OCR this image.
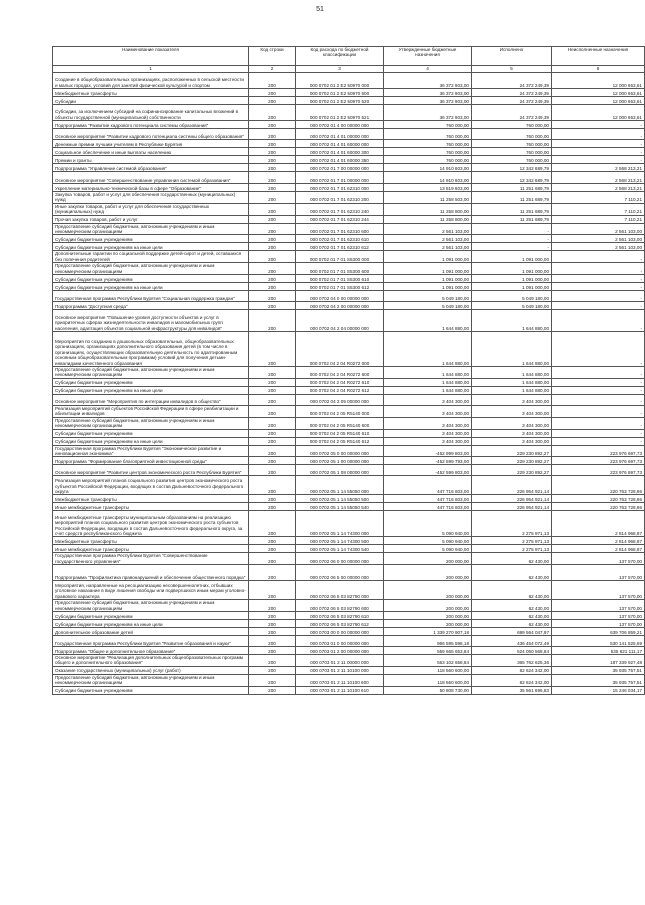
51
Наименование показателя	Код строки	Код расхода по бюджетной классификации	Утвержденные бюджетные назначения	Исполнено	Неисполненные назначения
1	2	3	4	5	6
Создание в общеобразовательных организациях, расположенных в сельской местности и малых городах, условий для занятий физической культурой и спортом	200	000 0702 01 2 Е2 50970 000	36 372 903,00	24 372 249,39	12 000 653,61
Межбюджетные трансферты	200	000 0702 01 2 Е2 50970 500	36 372 903,00	24 372 249,39	12 000 653,61
Субсидии	200	000 0702 01 2 Е2 50970 520	36 372 903,00	24 372 249,39	12 000 653,61
Субсидии, за исключением субсидий на софинансирование капитальных вложений в объекты государственной (муниципальной) собственности	200	000 0702 01 2 Е2 50970 521	36 372 903,00	24 372 249,39	12 000 653,61
Подпрограмма "Развитие кадрового потенциала системы образования"	200	000 0702 01 4 00 00000 000	760 000,00	760 000,00	-
Основное мероприятие "Развитие кадрового потенциала системы общего образования"	200	000 0702 01 4 01 00000 000	760 000,00	760 000,00	-
Денежные премии лучшим учителям в Республике Бурятия	200	000 0702 01 4 01 60000 000	760 000,00	760 000,00	-
Социальное обеспечение и иные выплаты населению	200	000 0702 01 4 01 60000 300	760 000,00	760 000,00	-
Премии и гранты	200	000 0702 01 4 01 60000 350	760 000,00	760 000,00	-
Подпрограмма "Управление системой образования"	200	000 0702 01 7 00 00000 000	14 910 603,00	12 342 689,79	2 568 213,21
Основное мероприятие "Совершенствование управления системой образования"	200	000 0702 01 7 01 00000 000	14 910 603,00	12 342 689,79	2 568 213,21
Укрепление материально-технической базы в сфере "Образование"	200	000 0702 01 7 01 62310 000	13 819 603,00	11 251 689,79	2 568 213,21
Закупка товаров, работ и услуг для обеспечения государственных (муниципальных) нужд	200	000 0702 01 7 01 62310 200	11 258 503,00	11 251 689,79	7 110,21
Иные закупки товаров, работ и услуг для обеспечения государственных (муниципальных) нужд	200	000 0702 01 7 01 62310 240	11 258 800,00	11 251 689,79	7 110,21
Прочая закупка товаров, работ и услуг	200	000 0702 01 7 01 62310 244	11 258 800,00	11 251 689,79	7 110,21
Предоставление субсидий бюджетным, автономным учреждениям и иным некоммерческим организациям	200	000 0702 01 7 01 62310 600	2 561 103,00	-	2 561 103,00
Субсидии бюджетным учреждениям	200	000 0702 01 7 01 62310 610	2 561 103,00	-	2 561 103,00
Субсидии бюджетным учреждениям на иные цели	200	000 0702 01 7 01 62310 612	2 561 103,00	-	2 561 103,00
Дополнительные гарантии по социальной поддержке детей-сирот и детей, оставшихся без попечения родителей	200	000 0702 01 7 01 S5300 000	1 091 000,00	1 091 000,00	-
Предоставление субсидий бюджетным, автономным учреждениям и иным некоммерческим организациям	200	000 0702 01 7 01 S5300 600	1 091 000,00	1 091 000,00	-
Субсидии бюджетным учреждениям	200	000 0702 01 7 01 S5300 610	1 091 000,00	1 091 000,00	-
Субсидии бюджетным учреждениям на иные цели	200	000 0702 01 7 01 S5300 612	1 091 000,00	1 091 000,00	-
Государственная программа Республики Бурятия "Социальная поддержка граждан"	200	000 0702 04 0 00 00000 000	5 049 180,00	5 049 180,00	-
Подпрограмма "Доступная среда"	200	000 0702 04 2 00 00000 000	5 049 180,00	5 049 180,00	-
Основное мероприятие "Повышение уровня доступности объектов и услуг в приоритетных сферах жизнедеятельности инвалидов и маломобильных групп населения, адаптация объектов социальной инфраструктуры для инвалидов"	200	000 0702 04 2 04 00000 000	1 644 880,00	1 644 880,00	-
Мероприятия по созданию в дошкольных образовательных, общеобразовательных организациях, организациях дополнительного образования детей (в том числе в организациях, осуществляющих образовательную деятельность по адаптированным основным общеобразовательным программам) условий для получения детьми-инвалидами качественного образования	200	000 0702 04 2 04 R0272 000	1 644 880,00	1 644 880,00	-
Предоставление субсидий бюджетным, автономным учреждениям и иным некоммерческим организациям	200	000 0702 04 2 04 R0272 600	1 644 880,00	1 644 880,00	-
Субсидии бюджетным учреждениям	200	000 0702 04 2 04 R0272 610	1 644 880,00	1 644 880,00	-
Субсидии бюджетным учреждениям на иные цели	200	000 0702 04 2 04 R0272 612	1 644 880,00	1 644 880,00	-
Основное мероприятие "Мероприятия по интеграции инвалидов в общество"	200	000 0702 04 2 05 00000 000	3 404 300,00	3 404 300,00	-
Реализация мероприятий субъектов Российской Федерации в сфере реабилитации и абилитации инвалидов	200	000 0702 04 2 05 R5140 000	3 404 300,00	3 404 300,00	-
Предоставление субсидий бюджетным, автономным учреждениям и иным некоммерческим организациям	200	000 0702 04 2 05 R5140 600	3 404 300,00	3 404 300,00	-
Субсидии бюджетным учреждениям	200	000 0702 04 2 05 R5140 610	3 404 300,00	3 404 300,00	-
Субсидии бюджетным учреждениям на иные цели	200	000 0702 04 2 05 R5140 612	3 404 300,00	3 404 300,00	-
Государственная программа Республики Бурятия "Экономическое развитие и инновационная экономика"	200	000 0702 05 0 00 00000 000	-452 999 803,00	229 230 892,27	223 976 697,73
Подпрограмма "Формирование благоприятной инвестиционной среды"	200	000 0702 05 1 00 00000 000	-452 599 793,00	229 230 892,27	223 976 697,73
Основное мероприятие "Развитие центров экономического роста Республики Бурятия"	200	000 0702 05 1 08 00000 000	-452 599 803,00	229 230 892,27	223 976 697,73
Реализация мероприятий планов социального развития центров экономического роста субъектов Российской Федерации, входящих в состав Дальневосточного федерального округа	200	000 0702 05 1 14 55050 000	447 716 603,00	226 954 921,14	220 763 728,86
Межбюджетные трансферты	200	000 0702 05 1 14 55050 500	447 716 603,00	226 954 921,14	220 763 728,86
Иные межбюджетные трансферты	200	000 0702 05 1 14 55050 540	447 716 603,00	226 954 921,14	220 763 728,86
Иные межбюджетные трансферты муниципальным образованиям на реализацию мероприятий планов социального развития центров экономического роста субъектов Российской Федерации, входящих в состав Дальневосточного федерального округа, за счет средств республиканского бюджета	200	000 0702 05 1 14 74300 000	5 090 940,00	2 275 971,13	2 814 968,87
Межбюджетные трансферты	200	000 0702 05 1 14 74300 500	5 090 940,00	2 275 971,13	2 814 968,87
Иные межбюджетные трансферты	200	000 0702 05 1 14 74300 540	5 090 940,00	2 275 971,13	2 814 968,87
Государственная программа Республики Бурятия "Совершенствование государственного управления"	200	000 0702 06 0 00 00000 000	200 000,00	62 430,00	137 570,00
Подпрограмма "Профилактика правонарушений и обеспечение общественного порядка"	200	000 0702 06 5 00 00000 000	200 000,00	62 430,00	137 570,00
Мероприятия, направленные на ресоциализацию несовершеннолетних, отбывших уголовное наказание в виде лишения свободы или подвергшихся иным мерам уголовно-правового характера	200	000 0702 06 5 03 82790 000	200 000,00	62 430,00	137 570,00
Предоставление субсидий бюджетным, автономным учреждениям и иным некоммерческим организациям	200	000 0702 06 5 03 82790 600	200 000,00	62 430,00	137 570,00
Субсидии бюджетным учреждениям	200	000 0702 06 5 03 82790 610	200 000,00	62 430,00	137 570,00
Субсидии бюджетным учреждениям на иные цели	200	000 0702 06 5 03 82790 612	200 000,00	62 430,00	137 570,00
Дополнительное образование детей	200	000 0703 00 0 00 00000 000	1 339 270 907,18	699 564 047,97	639 706 859,21
Государственная программа Республики Бурятия "Развитие образования и науки"	200	000 0703 01 0 00 00000 000	966 595 598,18	436 454 072,49	530 141 525,69
Подпрограмма "Общее и дополнительное образование"	200	000 0703 01 2 00 00000 000	559 665 653,84	524 050 568,84	535 621 111,17
Основное мероприятие "Реализация дополнительных общеобразовательных программ общего и дополнительного образования"	200	000 0703 01 2 11 00000 000	553 102 658,84	365 762 625,36	187 339 927,48
Оказание государственных (муниципальных) услуг (работ)	200	000 0703 01 2 11 10100 000	118 560 600,00	82 624 342,00	35 935 757,51
Предоставление субсидий бюджетным, автономным учреждениям и иным некоммерческим организациям	200	000 0703 01 2 11 10100 600	118 560 600,00	82 624 342,00	35 935 757,51
Субсидии бюджетным учреждениям	200	000 0703 01 2 11 10100 610	50 808 730,00	35 561 695,83	15 246 034,17
